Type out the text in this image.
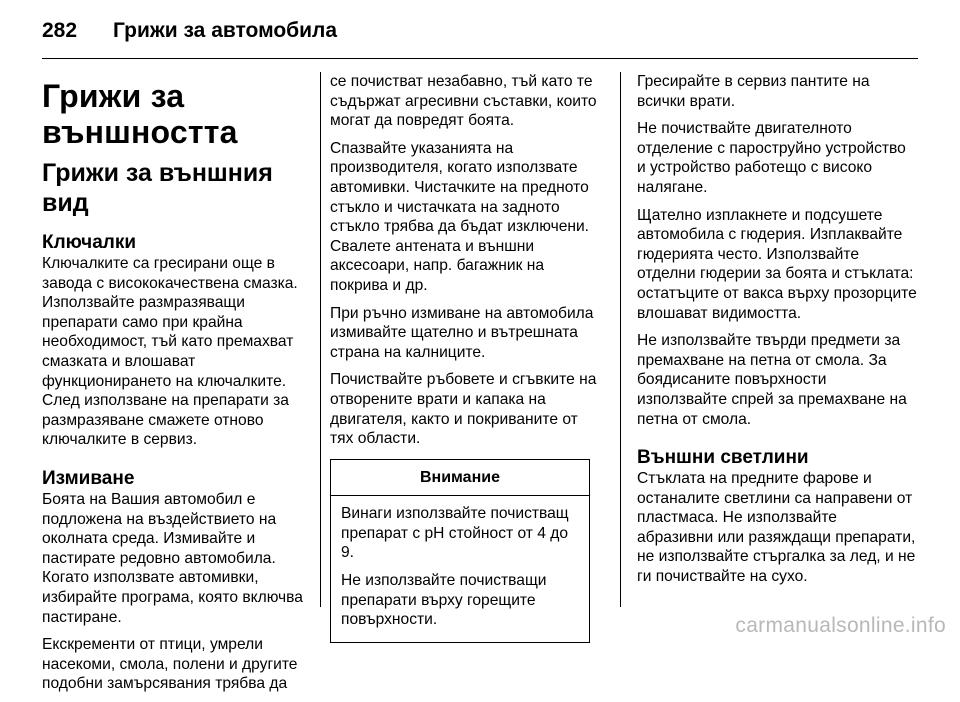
282 Грижи за автомобила
Грижи за външността
Грижи за външния вид
Ключалки

Ключалките са гресирани още в завода с висококачествена смазка. Използвайте размразяващи препарати само при крайна необходимост, тъй като премахват смазката и влошават функционирането на ключалките. След използване на препарати за размразяване смажете отново ключалките в сервиз.

Измиване

Боята на Вашия автомобил е подложена на въздействието на околната среда. Измивайте и пастирате редовно автомобила. Когато използвате автомивки, избирайте програма, която включва пастиране.

Екскременти от птици, умрели насекоми, смола, полени и другите подобни замърсявания трябва да

се почистват незабавно, тъй като те съдържат агресивни съставки, които могат да повредят боята.

Спазвайте указанията на производителя, когато използвате автомивки. Чистачките на предното стъкло и чистачката на задното стъкло трябва да бъдат изключени. Свалете антената и външни аксесоари, напр. багажник на покрива и др.

При ръчно измиване на автомобила измивайте щателно и вътрешната страна на калниците.

Почиствайте ръбовете и сгъвките на отворените врати и капака на двигателя, както и покриваните от тях области.

Внимание

Винаги използвайте почистващ препарат с pH стойност от 4 до 9.

Не използвайте почистващи препарати върху горещите повърхности.

Гресирайте в сервиз пантите на всички врати.

Не почиствайте двигателното отделение с пароструйно устройство и устройство работещо с високо налягане.

Щателно изплакнете и подсушете автомобила с гюдерия. Изплаквайте гюдерията често. Използвайте отделни гюдерии за боята и стъклата: остатъците от вакса върху прозорците влошават видимостта.

Не използвайте твърди предмети за премахване на петна от смола. За боядисаните повърхности използвайте спрей за премахване на петна от смола.

Външни светлини

Стъклата на предните фарове и останалите светлини са направени от пластмаса. Не използвайте абразивни или разяждащи препарати, не използвайте стъргалка за лед, и не ги почиствайте на сухо.

carmanualsonline.info
